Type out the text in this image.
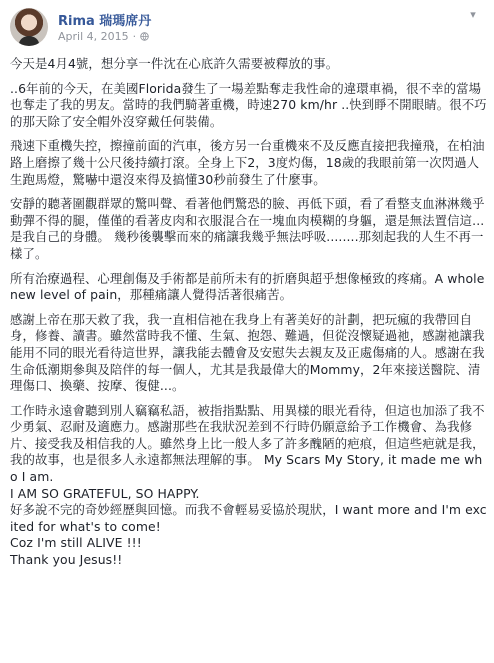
Rima 瑞瑪席丹
April 4, 2015 ·
▾

今天是4月4號，想分享一件沈在心底許久需要被釋放的事。

..6年前的今天，在美國Florida發生了一場差點奪走我性命的違環車禍，很不幸的當場也奪走了我的男友。當時的我們騎著重機，時速270 km/hr ..快到睜不開眼睛。很不巧的那天除了安全帽外沒穿戴任何裝備。

飛速下重機失控，擦撞前面的汽車，後方另一台重機來不及反應直接把我撞飛，在柏油路上磨擦了幾十公尺後持續打滾。全身上下2，3度灼傷，18歲的我眼前第一次閃過人生跑馬燈，驚嚇中還沒來得及搞懂30秒前發生了什麼事。

安靜的聽著圍觀群眾的驚叫聲、看著他們驚恐的臉、再低下頭，看了看整支血淋淋幾乎動彈不得的腿，僅僅的看著皮肉和衣服混合在一塊血肉模糊的身軀，還是無法置信這...是我自己的身體。 幾秒後襲擊而來的痛讓我幾乎無法呼吸........那刻起我的人生不再一樣了。

所有治療過程、心理創傷及手術都是前所未有的折磨與超乎想像極致的疼痛。A whole new level of pain，那種痛讓人覺得活著很痛苦。

感謝上帝在那天救了我，我一直相信祂在我身上有著美好的計劃，把玩瘋的我帶回自身，修養、讀書。雖然當時我不懂、生氣、抱怨、難過，但從沒懷疑過祂，感謝祂讓我能用不同的眼光看待這世界，讓我能去體會及安慰失去親友及正處傷痛的人。感謝在我生命低潮期參與及陪伴的每一個人，尤其是我最偉大的Mommy，2年來接送醫院、清理傷口、換藥、按摩、復健...。

工作時永遠會聽到別人竊竊私語，被指指點點、用異樣的眼光看待，但這也加添了我不少勇氣、忍耐及適應力。感謝那些在我狀況差到不行時仍願意給予工作機會、為我修片、接受我及相信我的人。雖然身上比一般人多了許多醜陋的疤痕，但這些疤就是我，我的故事，也是很多人永遠都無法理解的事。 My Scars My Story, it made me who I am.

I AM SO GRATEFUL, SO HAPPY.

好多說不完的奇妙經歷與回憶。而我不會輕易妥協於現狀，I want more and I'm excited for what's to come!

Coz I'm still ALIVE !!!

Thank you Jesus!!
